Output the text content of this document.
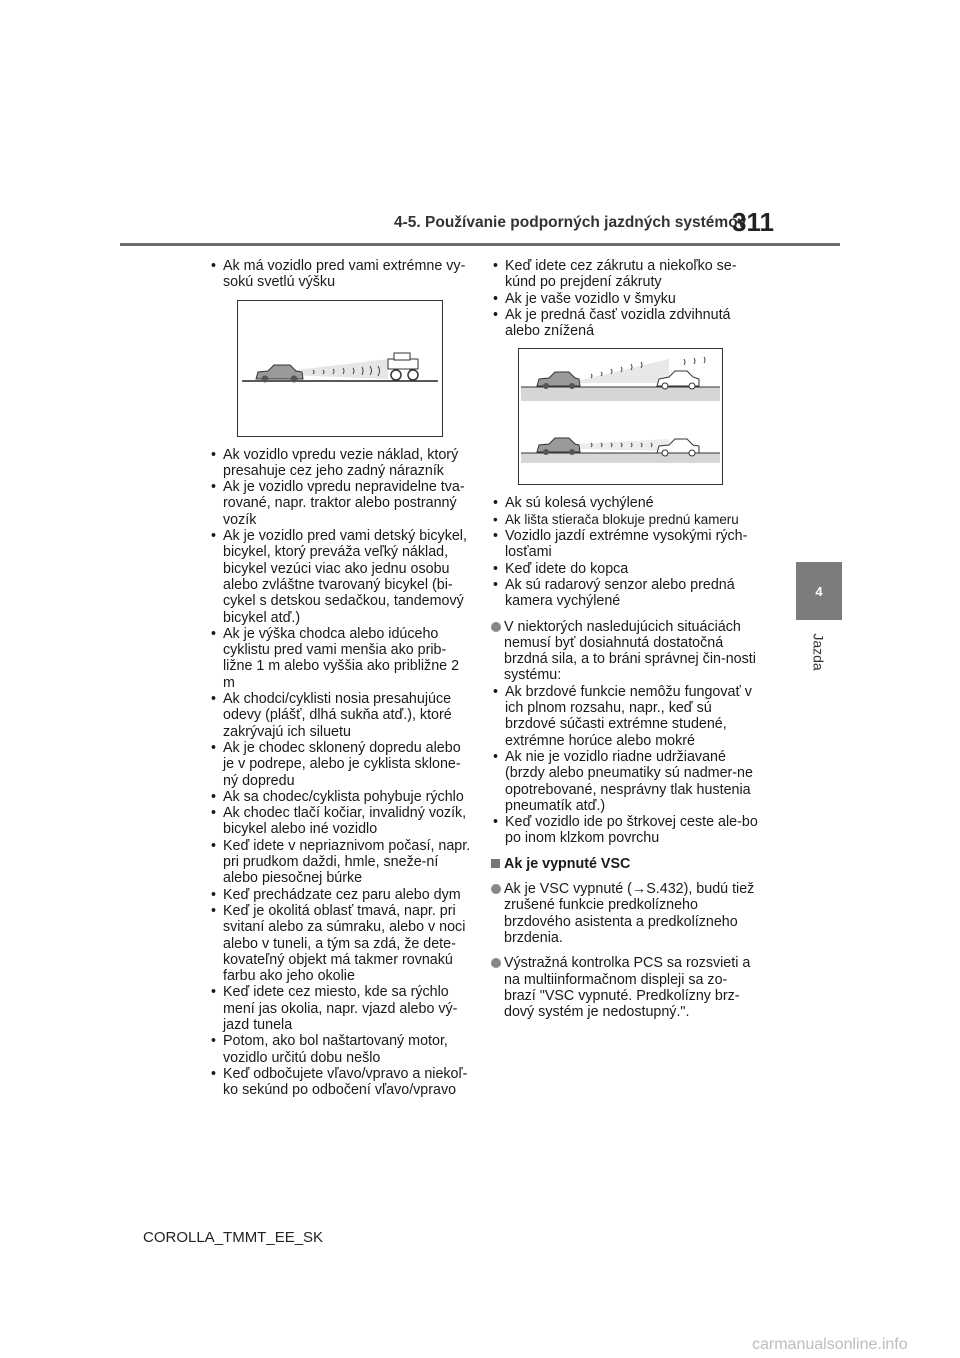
4-5. Používanie podporných jazdných systémov
311
4
Jazda
• Ak má vozidlo pred vami extrémne vy-sokú svetlú výšku
• Ak vozidlo vpredu vezie náklad, ktorý presahuje cez jeho zadný nárazník
• Ak je vozidlo vpredu nepravidelne tva-rované, napr. traktor alebo postranný vozík
• Ak je vozidlo pred vami detský bicykel, bicykel, ktorý preváža veľký náklad, bicykel vezúci viac ako jednu osobu alebo zvláštne tvarovaný bicykel (bi-cykel s detskou sedačkou, tandemový bicykel atď.)
• Ak je výška chodca alebo idúceho cyklistu pred vami menšia ako prib-ližne 1 m alebo vyššia ako približne 2 m
• Ak chodci/cyklisti nosia presahujúce odevy (plášť, dlhá sukňa atď.), ktoré zakrývajú ich siluetu
• Ak je chodec sklonený dopredu alebo je v podrepe, alebo je cyklista sklone-ný dopredu
• Ak sa chodec/cyklista pohybuje rýchlo
• Ak chodec tlačí kočiar, invalidný vozík, bicykel alebo iné vozidlo
• Keď idete v nepriaznivom počasí, napr. pri prudkom daždi, hmle, sneže-ní alebo piesočnej búrke
• Keď prechádzate cez paru alebo dym
• Keď je okolitá oblasť tmavá, napr. pri svitaní alebo za súmraku, alebo v noci alebo v tuneli, a tým sa zdá, že dete-kovateľný objekt má takmer rovnakú farbu ako jeho okolie
• Keď idete cez miesto, kde sa rýchlo mení jas okolia, napr. vjazd alebo vý-jazd tunela
• Potom, ako bol naštartovaný motor, vozidlo určitú dobu nešlo
• Keď odbočujete vľavo/vpravo a niekoľ-ko sekúnd po odbočení vľavo/vpravo
• Keď idete cez zákrutu a niekoľko se-kúnd po prejdení zákruty
• Ak je vaše vozidlo v šmyku
• Ak je predná časť vozidla zdvihnutá alebo znížená
• Ak sú kolesá vychýlené
• Ak lišta stierača blokuje prednú kameru
• Vozidlo jazdí extrémne vysokými rých-losťami
• Keď idete do kopca
• Ak sú radarový senzor alebo predná kamera vychýlené
V niektorých nasledujúcich situáciách nemusí byť dosiahnutá dostatočná brzdná sila, a to bráni správnej čin-nosti systému:
• Ak brzdové funkcie nemôžu fungovať v ich plnom rozsahu, napr., keď sú brzdové súčasti extrémne studené, extrémne horúce alebo mokré
• Ak nie je vozidlo riadne udržiavané (brzdy alebo pneumatiky sú nadmer-ne opotrebované, nesprávny tlak hustenia pneumatík atď.)
• Keď vozidlo ide po štrkovej ceste ale-bo po inom klzkom povrchu
Ak je vypnuté VSC
Ak je VSC vypnuté (→S.432), budú tiež zrušené funkcie predkolízneho brzdového asistenta a predkolízneho brzdenia.
Výstražná kontrolka PCS sa rozsvieti a na multiinformačnom displeji sa zo-brazí "VSC vypnuté. Predkolízny brz-dový systém je nedostupný.".
COROLLA_TMMT_EE_SK
carmanualsonline.info
